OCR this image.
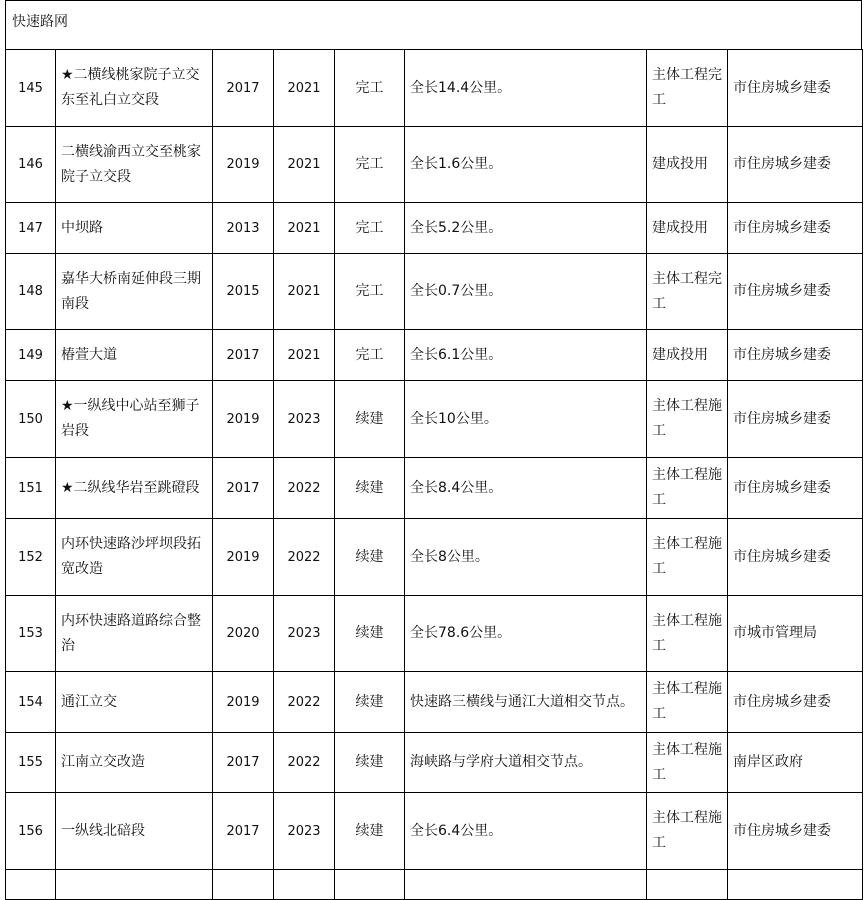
快速路网
145	★二横线桃家院子立交东至礼白立交段	2017	2021	完工	全长14.4公里。	主体工程完工	市住房城乡建委

146	二横线渝西立交至桃家院子立交段	2019	2021	完工	全长1.6公里。	建成投用	市住房城乡建委

147	中坝路	2013	2021	完工	全长5.2公里。	建成投用	市住房城乡建委

148	嘉华大桥南延伸段三期南段	2015	2021	完工	全长0.7公里。	主体工程完工	市住房城乡建委

149	椿萱大道	2017	2021	完工	全长6.1公里。	建成投用	市住房城乡建委

150	★一纵线中心站至狮子岩段	2019	2023	续建	全长10公里。	主体工程施工	市住房城乡建委

151	★二纵线华岩至跳磴段	2017	2022	续建	全长8.4公里。	主体工程施工	市住房城乡建委

152	内环快速路沙坪坝段拓宽改造	2019	2022	续建	全长8公里。	主体工程施工	市住房城乡建委

153	内环快速路道路综合整治	2020	2023	续建	全长78.6公里。	主体工程施工	市城市管理局

154	通江立交	2019	2022	续建	快速路三横线与通江大道相交节点。	主体工程施工	市住房城乡建委

155	江南立交改造	2017	2022	续建	海峡路与学府大道相交节点。	主体工程施工	南岸区政府

156	一纵线北碚段	2017	2023	续建	全长6.4公里。	主体工程施工	市住房城乡建委
